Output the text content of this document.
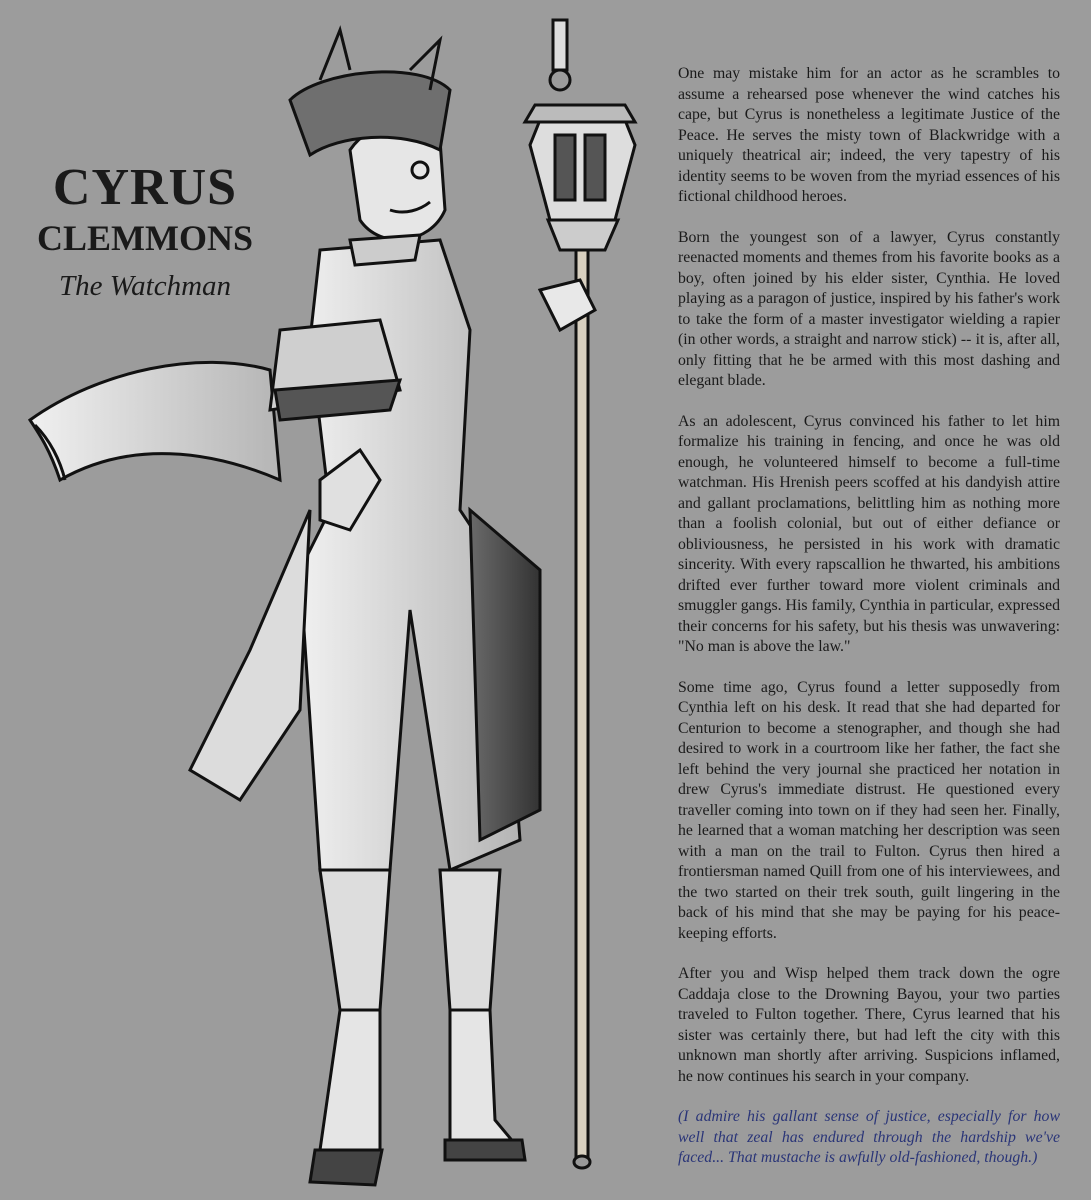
CYRUS
CLEMMONS
The Watchman

One may mistake him for an actor as he scrambles to assume a rehearsed pose whenever the wind catches his cape, but Cyrus is nonetheless a legitimate Justice of the Peace. He serves the misty town of Blackwridge with a uniquely theatrical air; indeed, the very tapestry of his identity seems to be woven from the myriad essences of his fictional childhood heroes.

Born the youngest son of a lawyer, Cyrus constantly reenacted moments and themes from his favorite books as a boy, often joined by his elder sister, Cynthia. He loved playing as a paragon of justice, inspired by his father's work to take the form of a master investigator wielding a rapier (in other words, a straight and narrow stick) -- it is, after all, only fitting that he be armed with this most dashing and elegant blade.

As an adolescent, Cyrus convinced his father to let him formalize his training in fencing, and once he was old enough, he volunteered himself to become a full-time watchman. His Hrenish peers scoffed at his dandyish attire and gallant proclamations, belittling him as nothing more than a foolish colonial, but out of either defiance or obliviousness, he persisted in his work with dramatic sincerity. With every rapscallion he thwarted, his ambitions drifted ever further toward more violent criminals and smuggler gangs. His family, Cynthia in particular, expressed their concerns for his safety, but his thesis was unwavering: "No man is above the law."

Some time ago, Cyrus found a letter supposedly from Cynthia left on his desk. It read that she had departed for Centurion to become a stenographer, and though she had desired to work in a courtroom like her father, the fact she left behind the very journal she practiced her notation in drew Cyrus's immediate distrust. He questioned every traveller coming into town on if they had seen her. Finally, he learned that a woman matching her description was seen with a man on the trail to Fulton. Cyrus then hired a frontiersman named Quill from one of his interviewees, and the two started on their trek south, guilt lingering in the back of his mind that she may be paying for his peace-keeping efforts.

After you and Wisp helped them track down the ogre Caddaja close to the Drowning Bayou, your two parties traveled to Fulton together. There, Cyrus learned that his sister was certainly there, but had left the city with this unknown man shortly after arriving. Suspicions inflamed, he now continues his search in your company.

(I admire his gallant sense of justice, especially for how well that zeal has endured through the hardship we've faced... That mustache is awfully old-fashioned, though.)
